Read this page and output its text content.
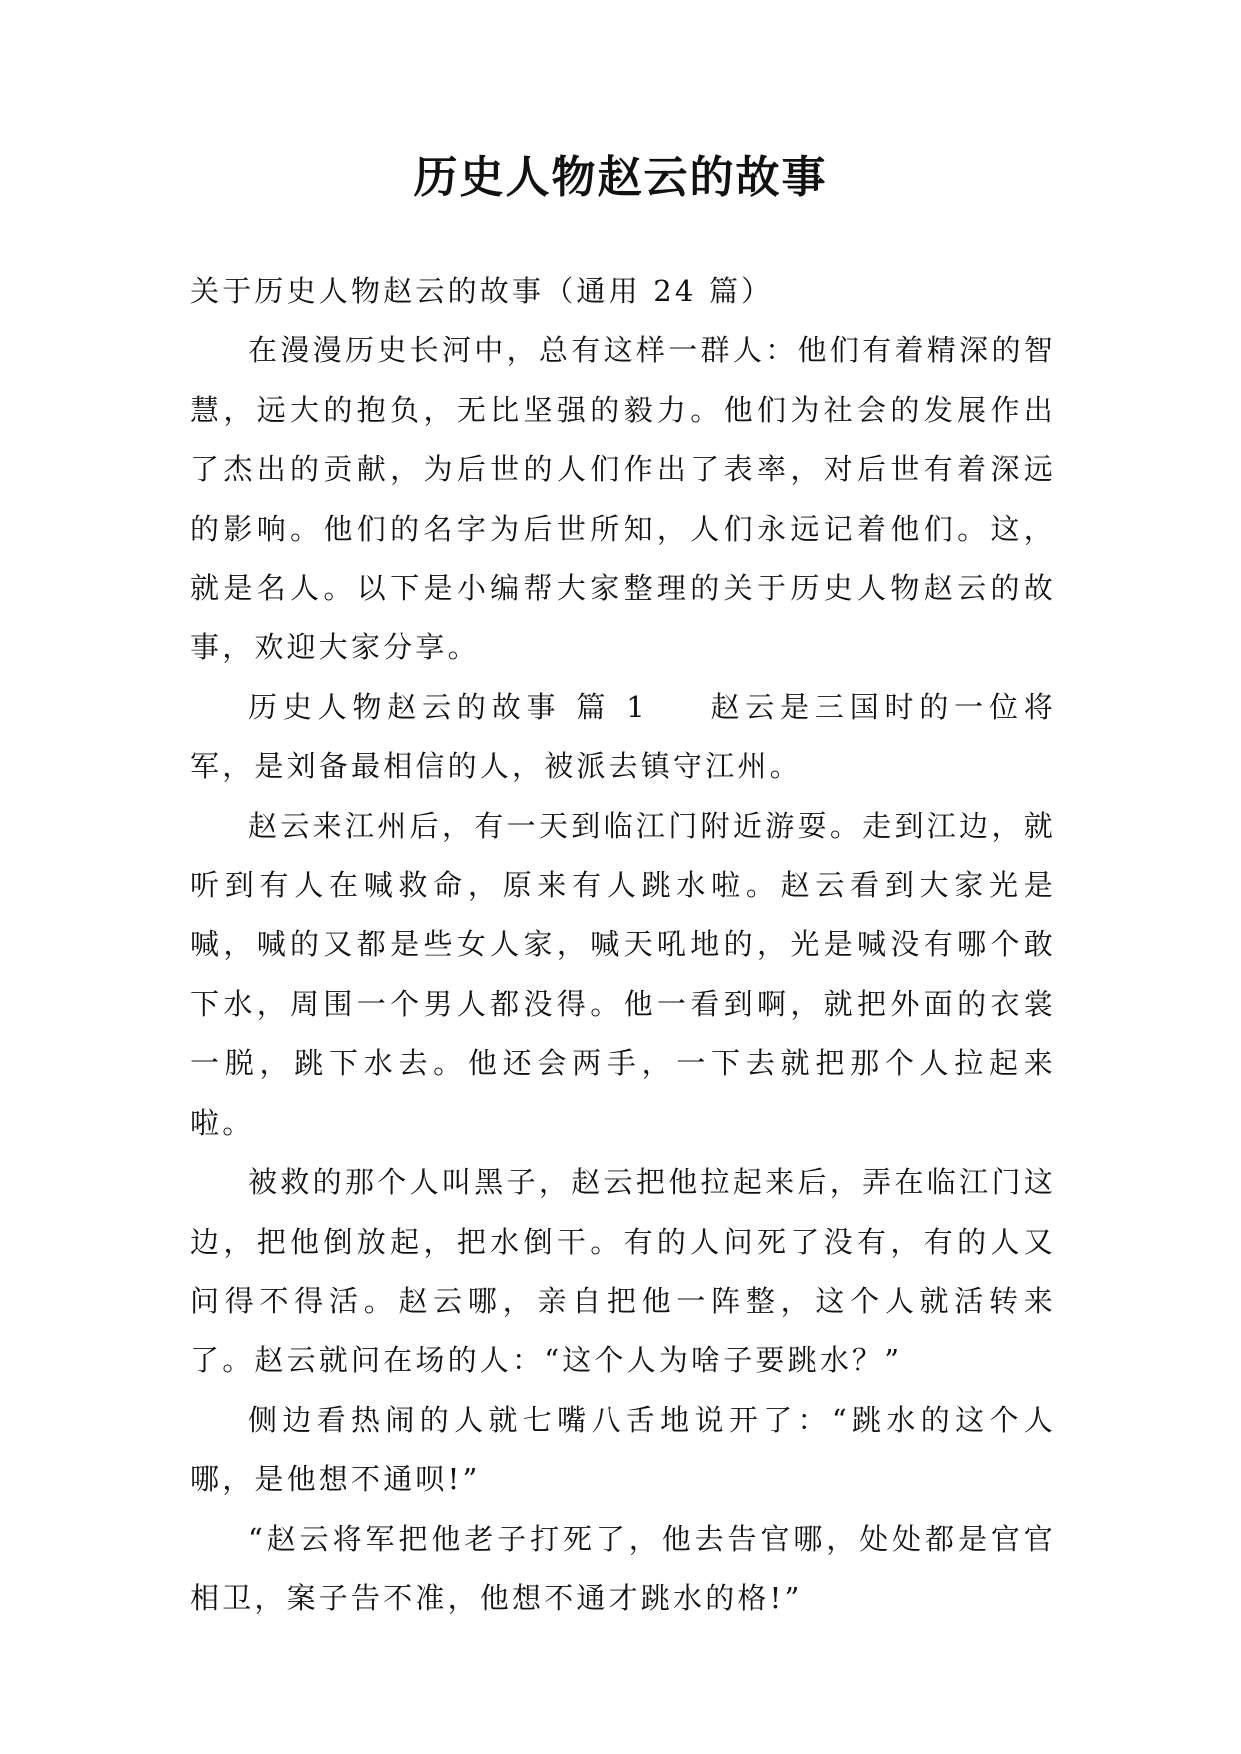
历史人物赵云的故事

关于历史人物赵云的故事（通用 24 篇）

在漫漫历史长河中，总有这样一群人：他们有着精深的智慧，远大的抱负，无比坚强的毅力。他们为社会的发展作出了杰出的贡献，为后世的人们作出了表率，对后世有着深远的影响。他们的名字为后世所知，人们永远记着他们。这，就是名人。以下是小编帮大家整理的关于历史人物赵云的故事，欢迎大家分享。

历史人物赵云的故事 篇 1 赵云是三国时的一位将军，是刘备最相信的人，被派去镇守江州。

赵云来江州后，有一天到临江门附近游耍。走到江边，就听到有人在喊救命，原来有人跳水啦。赵云看到大家光是喊，喊的又都是些女人家，喊天吼地的，光是喊没有哪个敢下水，周围一个男人都没得。他一看到啊，就把外面的衣裳一脱，跳下水去。他还会两手，一下去就把那个人拉起来啦。

被救的那个人叫黑子，赵云把他拉起来后，弄在临江门这边，把他倒放起，把水倒干。有的人问死了没有，有的人又问得不得活。赵云哪，亲自把他一阵整，这个人就活转来了。赵云就问在场的人：“这个人为啥子要跳水？”

侧边看热闹的人就七嘴八舌地说开了：“跳水的这个人哪，是他想不通呗!”

“赵云将军把他老子打死了，他去告官哪，处处都是官官相卫，案子告不准，他想不通才跳水的格!”
